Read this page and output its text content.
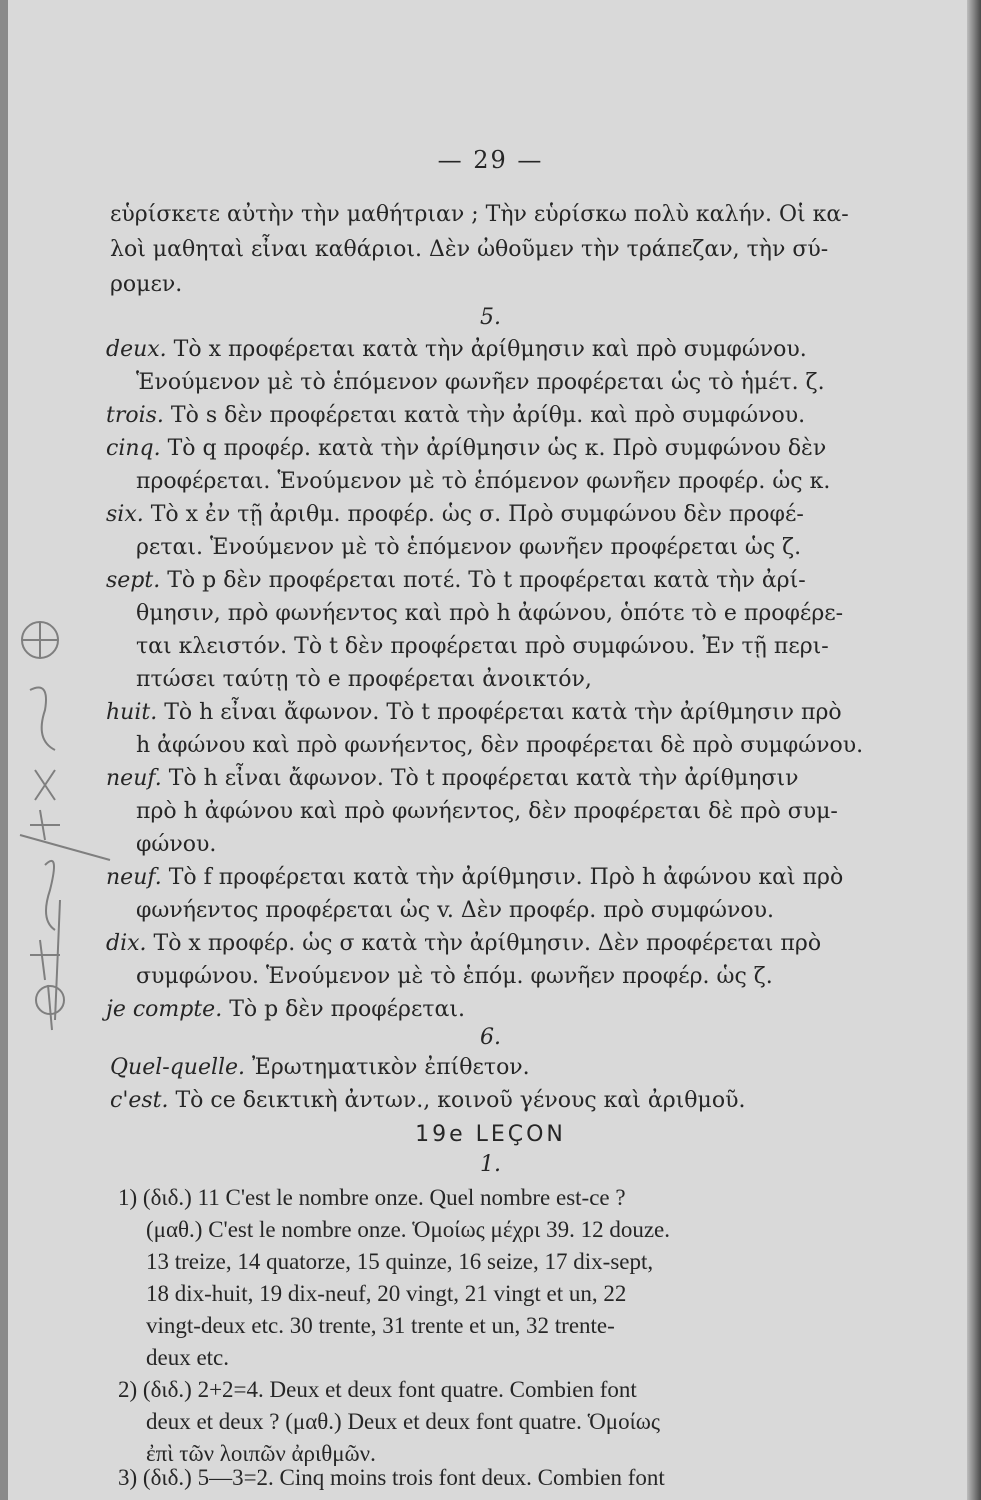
— 29 —
εὑρίσκετε αὐτὴν τὴν μαθήτριαν ; Τὴν εὑρίσκω πολὺ καλήν. Οἱ κα-
λοὶ μαθηταὶ εἶναι καθάριοι. Δὲν ὠθοῦμεν τὴν τράπεζαν, τὴν σύ-
ρομεν.
5.
deux. Τὸ x προφέρεται κατὰ τὴν ἀρίθμησιν καὶ πρὸ συμφώνου.
Ἑνούμενον μὲ τὸ ἑπόμενον φωνῆεν προφέρεται ὡς τὸ ἡμέτ. ζ.
trois. Τὸ s δὲν προφέρεται κατὰ τὴν ἀρίθμ. καὶ πρὸ συμφώνου.
cinq. Τὸ q προφέρ. κατὰ τὴν ἀρίθμησιν ὡς κ. Πρὸ συμφώνου δὲν
προφέρεται. Ἑνούμενον μὲ τὸ ἑπόμενον φωνῆεν προφέρ. ὡς κ.
six. Τὸ x ἐν τῇ ἀριθμ. προφέρ. ὡς σ. Πρὸ συμφώνου δὲν προφέ-
ρεται. Ἑνούμενον μὲ τὸ ἑπόμενον φωνῆεν προφέρεται ὡς ζ.
sept. Τὸ p δὲν προφέρεται ποτέ. Τὸ t προφέρεται κατὰ τὴν ἀρί-
θμησιν, πρὸ φωνήεντος καὶ πρὸ h ἀφώνου, ὁπότε τὸ e προφέρε-
ται κλειστόν. Τὸ t δὲν προφέρεται πρὸ συμφώνου. Ἐν τῇ περι-
πτώσει ταύτῃ τὸ e προφέρεται ἀνοικτόν,
huit. Τὸ h εἶναι ἄφωνον. Τὸ t προφέρεται κατὰ τὴν ἀρίθμησιν πρὸ
h ἀφώνου καὶ πρὸ φωνήεντος, δὲν προφέρεται δὲ πρὸ συμφώνου.
neuf. Τὸ h εἶναι ἄφωνον. Τὸ t προφέρεται κατὰ τὴν ἀρίθμησιν
πρὸ h ἀφώνου καὶ πρὸ φωνήεντος, δὲν προφέρεται δὲ πρὸ συμ-
φώνου.
neuf. Τὸ f προφέρεται κατὰ τὴν ἀρίθμησιν. Πρὸ h ἀφώνου καὶ πρὸ
φωνήεντος προφέρεται ὡς v. Δὲν προφέρ. πρὸ συμφώνου.
dix. Τὸ x προφέρ. ὡς σ κατὰ τὴν ἀρίθμησιν. Δὲν προφέρεται πρὸ
συμφώνου. Ἑνούμενον μὲ τὸ ἑπόμ. φωνῆεν προφέρ. ὡς ζ.
je compte. Τὸ p δὲν προφέρεται.
6.
Quel-quelle. Ἐρωτηματικὸν ἐπίθετον.
c'est. Τὸ ce δεικτικὴ ἀντων., κοινοῦ γένους καὶ ἀριθμοῦ.
19e LEÇON
1.
1) (διδ.) 11 C'est le nombre onze. Quel nombre est-ce ?
(μαθ.) C'est le nombre onze. Ὁμοίως μέχρι 39. 12 douze.
13 treize, 14 quatorze, 15 quinze, 16 seize, 17 dix-sept,
18 dix-huit, 19 dix-neuf, 20 vingt, 21 vingt et un, 22
vingt-deux etc. 30 trente, 31 trente et un, 32 trente-
deux etc.
2) (διδ.) 2+2=4. Deux et deux font quatre. Combien font
deux et deux ? (μαθ.) Deux et deux font quatre. Ὁμοίως
ἐπὶ τῶν λοιπῶν ἀριθμῶν.
3) (διδ.) 5—3=2. Cinq moins trois font deux. Combien font
